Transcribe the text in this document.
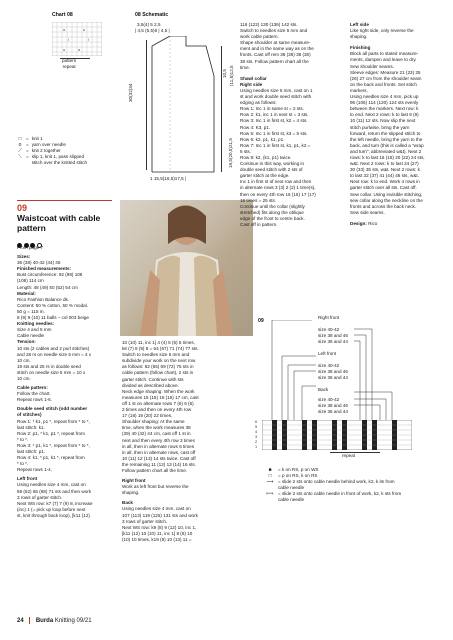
Chart 08
o	o
/	\
o	o
pattern
repeat
08 Schematic
3,5(4) 5 2,5
| 4,5 (5,5)6 | 4,5 |
30(32)34
10,5 (11,5)12,5
19,5(20,5)21,5
1 15,5(16,5)17,5 |
□ = knit 1
o	= yarn over needle
⟋ = knit 2 together
⟍ = slip 1, knit 1, pass slipped
stitch over the knitted stitch
09
Waistcoat with cable
pattern
From page 7
Sizes:
36 (38) 40-42 (44) 46
Finished measurements:
Bust circumference: 92 (98) 106
(108) 114 cm
Length: 48 (49) 50 (52) 54 cm
Material:
Rico Fashion Balance dk.
Content: 50 % cotton, 50 % modal.
50 g = 115 m.
8 (9) 9 (10) 11 balls – col 003 beige
Knitting needles:
Size 4 and 5 mm
Cable needle
Tension:
10 sts (2 cables and 2 purl stitches)
and 28 rs on needle size 5 mm = 4 x
10 cm.
19 sts and 25 rs in double seed
stitch on needle size 5 mm = 10 x
10 cm.
Cable pattern:
Follow the chart.
Repeat rows 1-6.
Double seed stitch (odd number
of stitches)
Row 1: * k1, p1 *, repeat from * to *,
last stitch: k1.
Row 2: p1, * k1, p1 *, repeat from
* to *.
Row 3: * p1, k1 *, repeat from * to *,
last stitch: p1.
Row 4: k1, * p1, k1 *, repeat from
* to *.
Repeat rows 1-4.
Left front
Using needles size 4 mm, cast on
59 (62) 65 (68) 71 sts and then work
3 rows of garter stitch.
Next WS row: k7 (7) 7 (9) 8, increase
(inc) 1 (= pick up loop before next
st, knit through back loop), [k11 (12)
10 (10) 11, inc 1] 4 (4) 5 (5) 5 times,
k8 (7) 8 (9) 8 = 64 (67) 71 (74) 77 sts.
Switch to needles size 5 mm and
subdivide your work on the next row
as follows: 62 (65) 69 (72) 75 sts in
cable pattern (follow chart), 2 sts in
garter stitch. Continue with sts
divided as described above.
Neck edge shaping: When the work
measures 15 (15) 15 (16) 17 cm, cast
off 1 st on alternate rows 7 (6) 6 (5)
2 times and then on every 4th row
17 (18) 19 (20) 22 times.
Shoulder shaping: At the same
time, when the work measures 38
(39) 40 (42) 44 cm, cast off 1 st in
next and then every 4th row 3 times
in all, then in alternate rows 6 times
in all, then in alternate rows, cast off
10 (11) 12 (13) 14 sts twice. Cast off
the remaining 11 (12) 13 (14) 16 sts.
Follow pattern chart all the time.
Right front
Work as left front but reverse the
shaping.
Back
Using needles size 4 mm, cast on
107 (113) 119 (125) 131 sts and work
3 rows of garter stitch.
Next WS row: k9 (8) 9 (12) 10, inc 1,
[k11 (12) 10 (10) 11, inc 1] 8 (8) 10
(10) 10 times, k19 (9) 10 (13) 11 =
116 (122) 130 (136) 142 sts.
Switch to needles size 5 mm and
work cable pattern.
Shape shoulder at same measure-
ment and in the same way as on the
fronts. Cast off rem 36 (36) 38 (36)
38 sts. Follow pattern chart all the
time.
Shawl collar
Right side
Using needles size 5 mm, cast on 1
st and work double seed stitch with
edging as follows:
Row 1: Inc 1 in same st = 2 sts.
Row 2: k1, inc 1 in next st = 3 sts.
Row 3: Inc 1 in first st, k2 = 4 sts.
Row 4: K3, p1.
Row 5: Inc 1 in first st, k3 = 5 sts.
Row 6: k2, p1, k1, p1.
Row 7: Inc 1 in first st, k1, p1, k2 =
6 sts.
Row 8: k2, (k1, p1) twice.
Continue in this way, working in
double seed stitch with 2 sts of
garter stitch at the edge.
Inc 1 in first st of next row and then
in alternate rows 3 (3) 2 (2) 1 time(s),
then on every 4th row 16 (16) 17 (17)
18 times = 25 sts.
Continue until the collar (slightly
stretched) fits along the oblique
edge of the front to centre back.
Cast off in pattern.
Left side
Like right side, only reverse the
shaping.
Finishing
Block all parts to stated measure-
ments, dampen and leave to dry.
Sew shoulder seams.
Sleeve edges: Measure 21 (23) 25
(26) 27 cm from the shoulder seam
on the back and fronts. Set stitch
markers.
Using needles size 4 mm, pick up
96 (106) 114 (120) 124 sts evenly
between the markers. Next row: k
to end. Next 2 rows: k to last 8 (9)
10 (11) 12 sts. Now slip the next
stitch purlwise, bring the yarn
forward, return the slipped stitch to
the left needle, bring the yarn to the
back, and turn (this is called a "wrap
and turn", abbreviated w&t). Next 2
rows: k to last 16 (18) 20 (22) 24 sts,
w&t. Next 2 rows: k to last 24 (27)
30 (33) 35 sts, w&t. Next 2 rows: k
to last 32 (37) 41 (44) 46 sts, w&t.
Next row: k to end. Work 4 rows in
garter stitch over all sts. Cast off.
Sew collar. Using invisible stitching,
sew collar along the neckline on the
fronts and across the back neck.
Sew side seams.
Design: Rico
09
Right front
size 40-42
size 38 and 46
size 36 and 44
Left front
size 40-42
size 38 and 46
size 36 and 44
Back
size 40-42
size 38 and 46
size 36 and 44
6
5
4
3
2
1
repeat
■	= k on RS, p on WS
□	= p on RS, k on RS
⟿ = slide 2 sts onto cable needle behind work, k2, k its from
cable needle
⟾ = slide 2 sts onto cable needle in front of work, k2, k sts from
cable needle
24 Burda Knitting 09/21
